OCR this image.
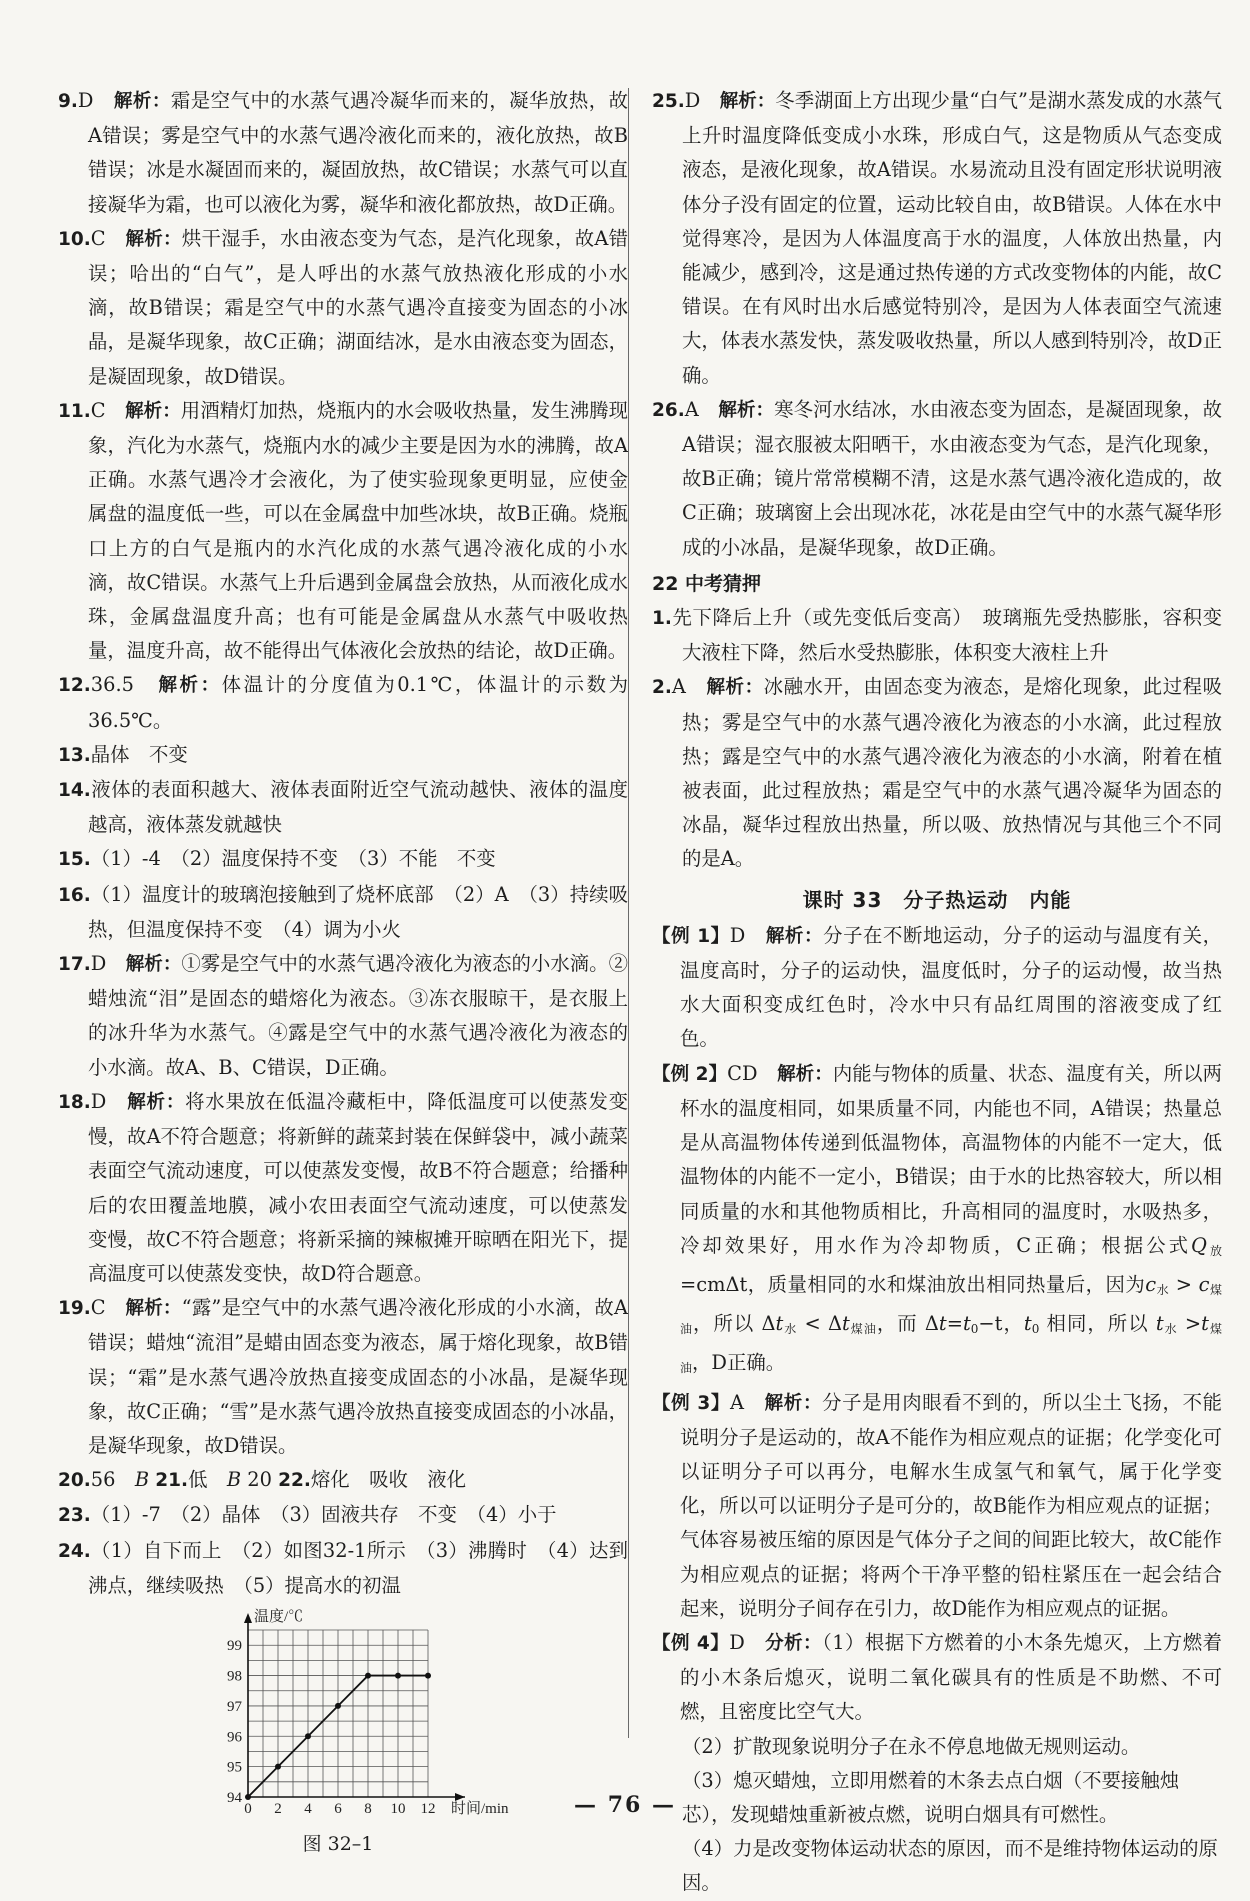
9.D　解析：霜是空气中的水蒸气遇冷凝华而来的，凝华放热，故A错误；雾是空气中的水蒸气遇冷液化而来的，液化放热，故B错误；冰是水凝固而来的，凝固放热，故C错误；水蒸气可以直接凝华为霜，也可以液化为雾，凝华和液化都放热，故D正确。

10.C　解析：烘干湿手，水由液态变为气态，是汽化现象，故A错误；哈出的“白气”，是人呼出的水蒸气放热液化形成的小水滴，故B错误；霜是空气中的水蒸气遇冷直接变为固态的小冰晶，是凝华现象，故C正确；湖面结冰，是水由液态变为固态，是凝固现象，故D错误。

11.C　解析：用酒精灯加热，烧瓶内的水会吸收热量，发生沸腾现象，汽化为水蒸气，烧瓶内水的减少主要是因为水的沸腾，故A正确。水蒸气遇冷才会液化，为了使实验现象更明显，应使金属盘的温度低一些，可以在金属盘中加些冰块，故B正确。烧瓶口上方的白气是瓶内的水汽化成的水蒸气遇冷液化成的小水滴，故C错误。水蒸气上升后遇到金属盘会放热，从而液化成水珠，金属盘温度升高；也有可能是金属盘从水蒸气中吸收热量，温度升高，故不能得出气体液化会放热的结论，故D正确。

12.36.5　解析：体温计的分度值为0.1℃，体温计的示数为36.5℃。

13.晶体　不变

14.液体的表面积越大、液体表面附近空气流动越快、液体的温度越高，液体蒸发就越快

15.（1）-4　（2）温度保持不变　（3）不能　不变

16.（1）温度计的玻璃泡接触到了烧杯底部　（2）A　（3）持续吸热，但温度保持不变　（4）调为小火

17.D　解析：①雾是空气中的水蒸气遇冷液化为液态的小水滴。②蜡烛流“泪”是固态的蜡熔化为液态。③冻衣服晾干，是衣服上的冰升华为水蒸气。④露是空气中的水蒸气遇冷液化为液态的小水滴。故A、B、C错误，D正确。

18.D　解析：将水果放在低温冷藏柜中，降低温度可以使蒸发变慢，故A不符合题意；将新鲜的蔬菜封装在保鲜袋中，减小蔬菜表面空气流动速度，可以使蒸发变慢，故B不符合题意；给播种后的农田覆盖地膜，减小农田表面空气流动速度，可以使蒸发变慢，故C不符合题意；将新采摘的辣椒摊开晾晒在阳光下，提高温度可以使蒸发变快，故D符合题意。

19.C　解析：“露”是空气中的水蒸气遇冷液化形成的小水滴，故A错误；蜡烛“流泪”是蜡由固态变为液态，属于熔化现象，故B错误；“霜”是水蒸气遇冷放热直接变成固态的小冰晶，是凝华现象，故C正确；“雪”是水蒸气遇冷放热直接变成固态的小冰晶，是凝华现象，故D错误。

20.56　B 21.低　B 20 22.熔化　吸收　液化

23.（1）-7　（2）晶体　（3）固液共存　不变　（4）小于

24.（1）自下而上　（2）如图32-1所示　（3）沸腾时　（4）达到沸点，继续吸热　（5）提高水的初温

0 2 4 6 8 10 12
94
95
96
97
98
99
温度/℃
时间/min
图 32–1

25.D　解析：冬季湖面上方出现少量“白气”是湖水蒸发成的水蒸气上升时温度降低变成小水珠，形成白气，这是物质从气态变成液态，是液化现象，故A错误。水易流动且没有固定形状说明液体分子没有固定的位置，运动比较自由，故B错误。人体在水中觉得寒冷，是因为人体温度高于水的温度，人体放出热量，内能减少，感到冷，这是通过热传递的方式改变物体的内能，故C错误。在有风时出水后感觉特别冷，是因为人体表面空气流速大，体表水蒸发快，蒸发吸收热量，所以人感到特别冷，故D正确。

26.A　解析：寒冬河水结冰，水由液态变为固态，是凝固现象，故A错误；湿衣服被太阳晒干，水由液态变为气态，是汽化现象，故B正确；镜片常常模糊不清，这是水蒸气遇冷液化造成的，故C正确；玻璃窗上会出现冰花，冰花是由空气中的水蒸气凝华形成的小冰晶，是凝华现象，故D正确。

22 中考猜押

1.先下降后上升（或先变低后变高）　玻璃瓶先受热膨胀，容积变大液柱下降，然后水受热膨胀，体积变大液柱上升

2.A　解析：冰融水开，由固态变为液态，是熔化现象，此过程吸热；雾是空气中的水蒸气遇冷液化为液态的小水滴，此过程放热；露是空气中的水蒸气遇冷液化为液态的小水滴，附着在植被表面，此过程放热；霜是空气中的水蒸气遇冷凝华为固态的冰晶，凝华过程放出热量，所以吸、放热情况与其他三个不同的是A。

课时 33　分子热运动　内能

【例 1】D　解析：分子在不断地运动，分子的运动与温度有关，温度高时，分子的运动快，温度低时，分子的运动慢，故当热水大面积变成红色时，冷水中只有品红周围的溶液变成了红色。

【例 2】CD　解析：内能与物体的质量、状态、温度有关，所以两杯水的温度相同，如果质量不同，内能也不同，A错误；热量总是从高温物体传递到低温物体，高温物体的内能不一定大，低温物体的内能不一定小，B错误；由于水的比热容较大，所以相同质量的水和其他物质相比，升高相同的温度时，水吸热多，冷却效果好，用水作为冷却物质，C正确；根据公式$Q_放=cm\Delta t$，质量相同的水和煤油放出相同热量后，因为$c_水 > c_{煤油}$，所以 $\Delta t_水 < \Delta t_{煤油}$，而 $\Delta t=t_0-t$，$t_0$ 相同，所以 $t_水 >t_{煤油}$，D正确。

【例 3】A　解析：分子是用肉眼看不到的，所以尘土飞扬，不能说明分子是运动的，故A不能作为相应观点的证据；化学变化可以证明分子可以再分，电解水生成氢气和氧气，属于化学变化，所以可以证明分子是可分的，故B能作为相应观点的证据；气体容易被压缩的原因是气体分子之间的间距比较大，故C能作为相应观点的证据；将两个干净平整的铅柱紧压在一起会结合起来，说明分子间存在引力，故D能作为相应观点的证据。

【例 4】D　分析：（1）根据下方燃着的小木条先熄灭，上方燃着的小木条后熄灭，说明二氧化碳具有的性质是不助燃、不可燃，且密度比空气大。

（2）扩散现象说明分子在永不停息地做无规则运动。

（3）熄灭蜡烛，立即用燃着的木条去点白烟（不要接触烛芯），发现蜡烛重新被点燃，说明白烟具有可燃性。

（4）力是改变物体运动状态的原因，而不是维持物体运动的原因。

— 76 —
